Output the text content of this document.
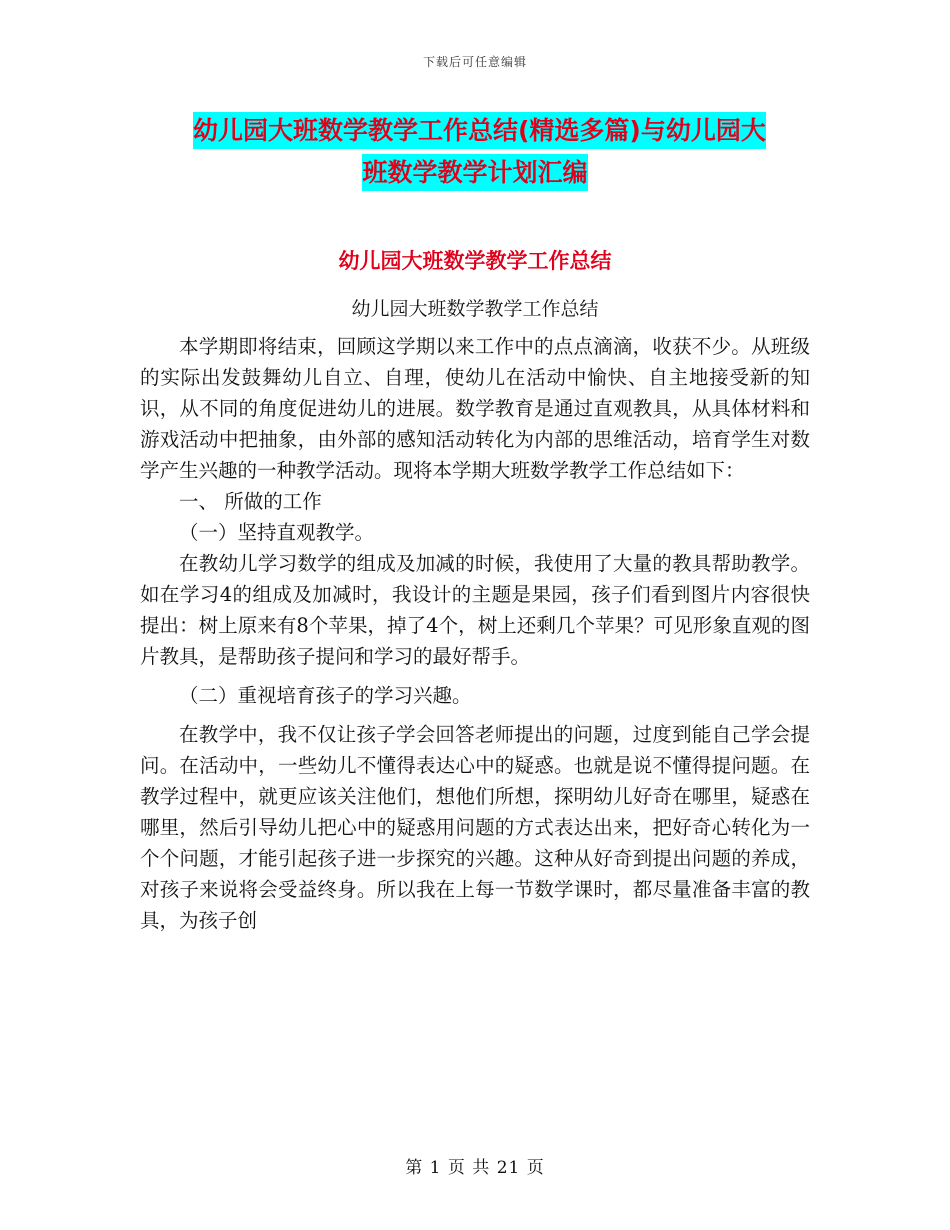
下载后可任意编辑
幼儿园大班数学教学工作总结(精选多篇)与幼儿园大
班数学教学计划汇编
幼儿园大班数学教学工作总结
幼儿园大班数学教学工作总结

本学期即将结束，回顾这学期以来工作中的点点滴滴，收获不少。从班级的实际出发鼓舞幼儿自立、自理，使幼儿在活动中愉快、自主地接受新的知识，从不同的角度促进幼儿的进展。数学教育是通过直观教具，从具体材料和游戏活动中把抽象，由外部的感知活动转化为内部的思维活动，培育学生对数学产生兴趣的一种教学活动。现将本学期大班数学教学工作总结如下：

一、 所做的工作

（一）坚持直观教学。

在教幼儿学习数学的组成及加减的时候，我使用了大量的教具帮助教学。如在学习4的组成及加减时，我设计的主题是果园，孩子们看到图片内容很快提出：树上原来有8个苹果，掉了4个，树上还剩几个苹果？可见形象直观的图片教具，是帮助孩子提问和学习的最好帮手。

（二）重视培育孩子的学习兴趣。

在教学中，我不仅让孩子学会回答老师提出的问题，过度到能自己学会提问。在活动中，一些幼儿不懂得表达心中的疑惑。也就是说不懂得提问题。在教学过程中，就更应该关注他们，想他们所想，探明幼儿好奇在哪里，疑惑在哪里，然后引导幼儿把心中的疑惑用问题的方式表达出来，把好奇心转化为一个个问题，才能引起孩子进一步探究的兴趣。这种从好奇到提出问题的养成，对孩子来说将会受益终身。所以我在上每一节数学课时，都尽量准备丰富的教具，为孩子创

第 1 页 共 21 页
